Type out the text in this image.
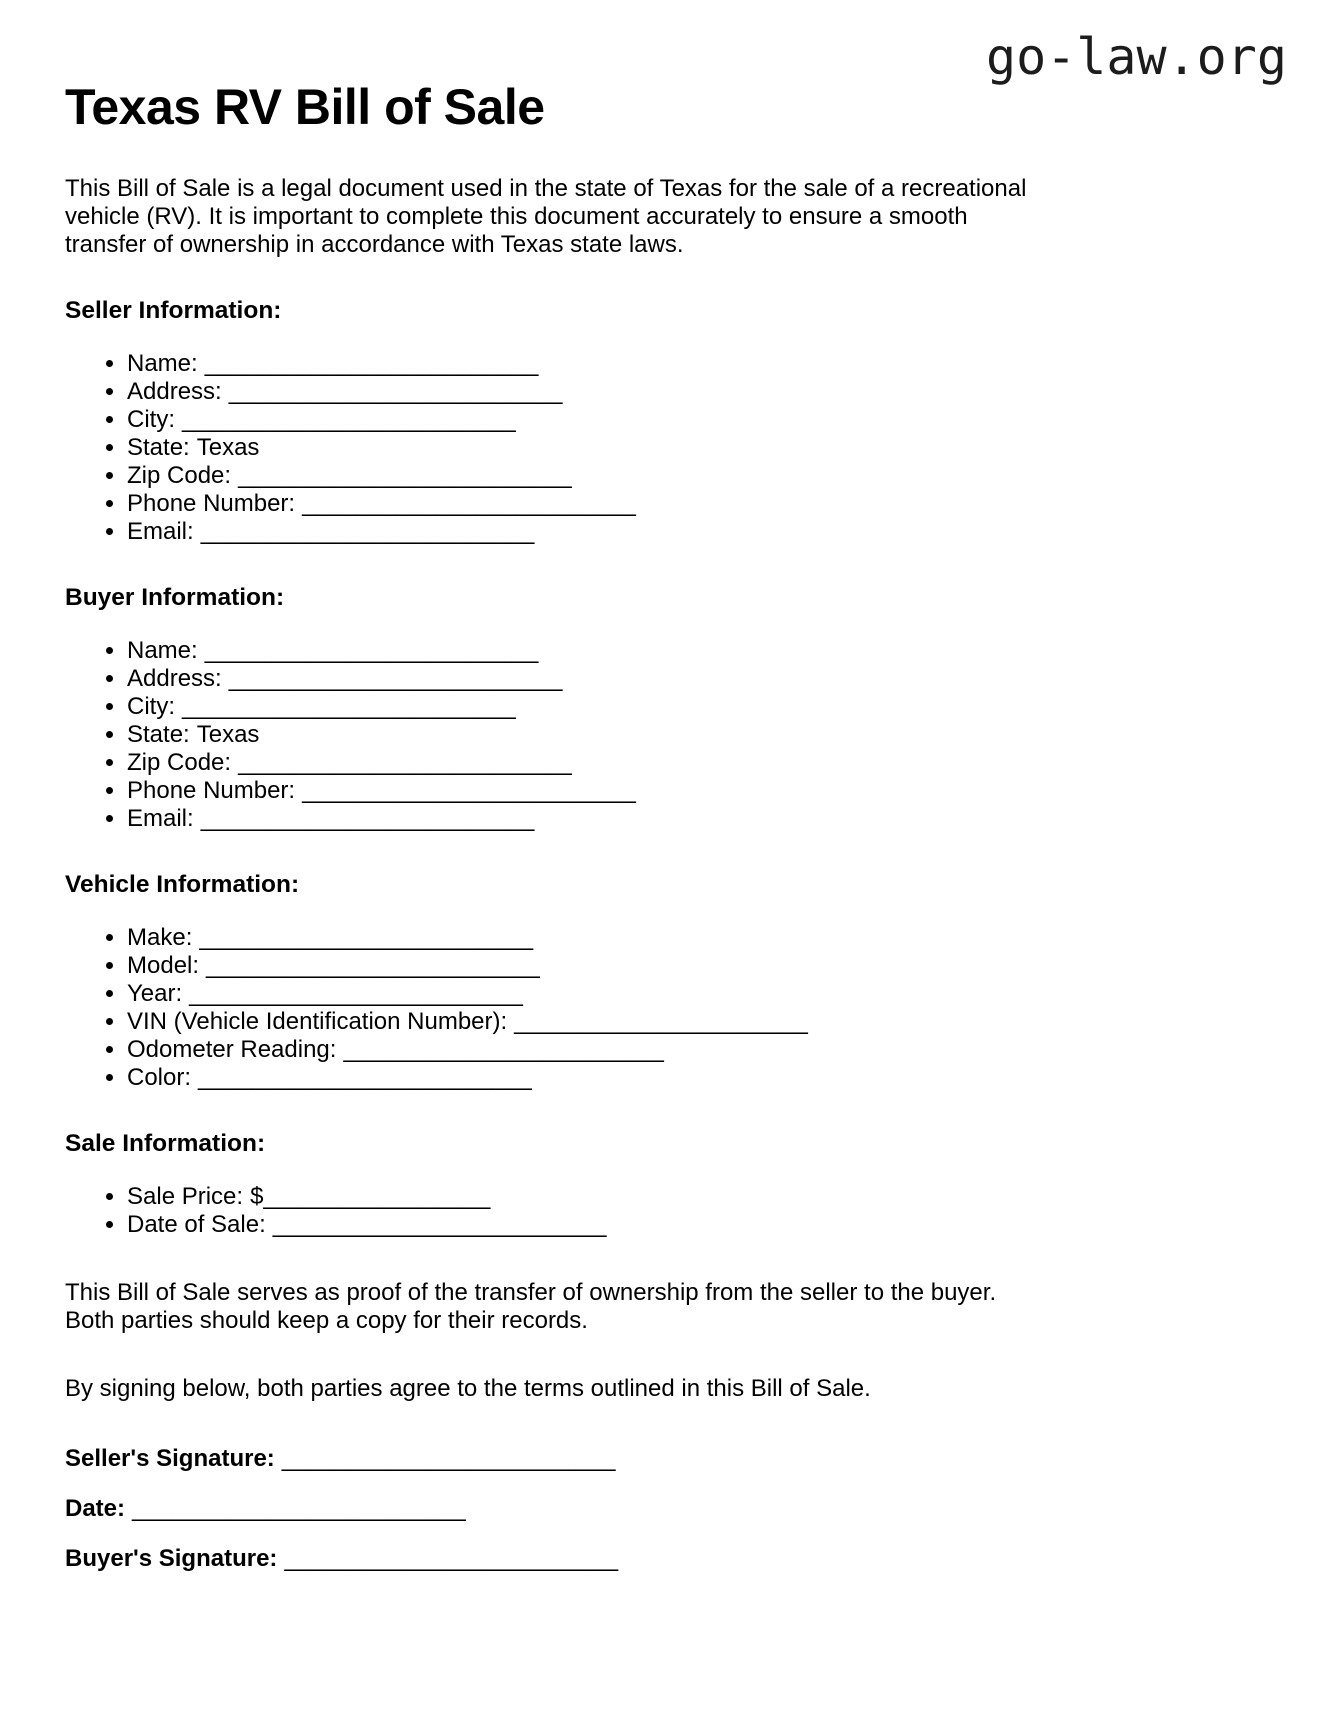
go-law.org
Texas RV Bill of Sale

This Bill of Sale is a legal document used in the state of Texas for the sale of a recreational
vehicle (RV). It is important to complete this document accurately to ensure a smooth
transfer of ownership in accordance with Texas state laws.

Seller Information:
• Name: _________________________
• Address: _________________________
• City: _________________________
• State: Texas
• Zip Code: _________________________
• Phone Number: _________________________
• Email: _________________________
Buyer Information:
• Name: _________________________
• Address: _________________________
• City: _________________________
• State: Texas
• Zip Code: _________________________
• Phone Number: _________________________
• Email: _________________________
Vehicle Information:
• Make: _________________________
• Model: _________________________
• Year: _________________________
• VIN (Vehicle Identification Number): ______________________
• Odometer Reading: ________________________
• Color: _________________________
Sale Information:
• Sale Price: $_________________
• Date of Sale: _________________________

This Bill of Sale serves as proof of the transfer of ownership from the seller to the buyer.
Both parties should keep a copy for their records.

By signing below, both parties agree to the terms outlined in this Bill of Sale.

Seller's Signature: _________________________

Date: _________________________

Buyer's Signature: _________________________
